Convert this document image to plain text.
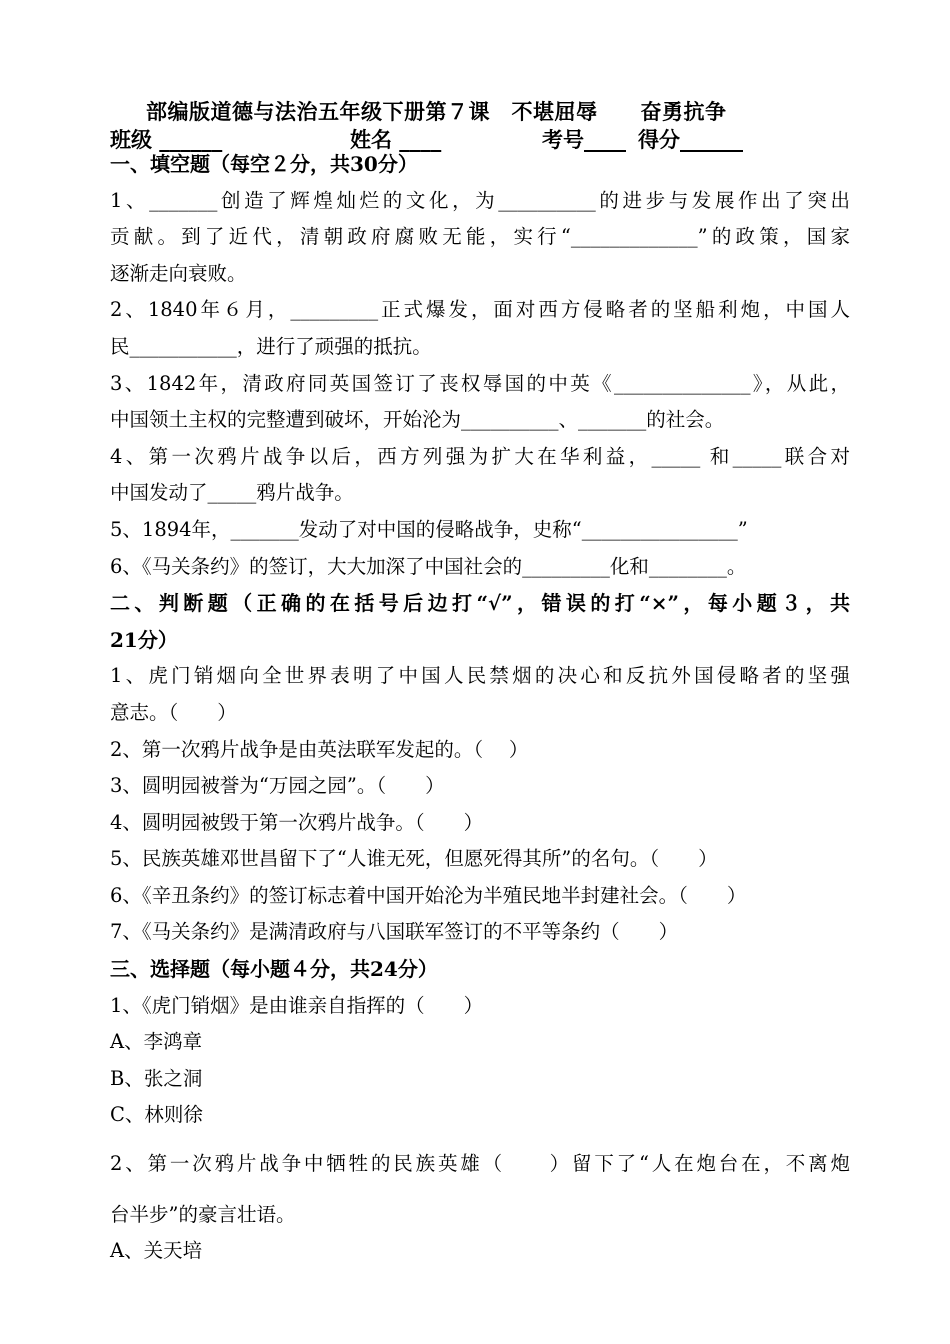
部编版道德与法治五年级下册第７课　不堪屈辱　　奋勇抗争
班级 ______	姓名 ____	考号____ 得分______
一、填空题（每空２分，共30分）
1、_______创造了辉煌灿烂的文化，为__________的进步与发展作出了突出
贡献。到了近代，清朝政府腐败无能，实行“_____________”的政策，国家
逐渐走向衰败。
2、1840年６月，_________正式爆发，面对西方侵略者的坚船利炮，中国人
民___________，进行了顽强的抵抗。
3、1842年，清政府同英国签订了丧权辱国的中英《______________》，从此，
中国领土主权的完整遭到破坏，开始沦为__________、_______的社会。
4、第一次鸦片战争以后，西方列强为扩大在华利益，_____ 和_____联合对
中国发动了_____鸦片战争。
5、1894年，_______发动了对中国的侵略战争，史称“________________”
6、《马关条约》的签订，大大加深了中国社会的_________化和________。
二、判断题（正确的在括号后边打“√”，错误的打“×”，每小题３，共
21分）
1、虎门销烟向全世界表明了中国人民禁烟的决心和反抗外国侵略者的坚强
意志。（　　）
2、第一次鸦片战争是由英法联军发起的。（　 ）
3、圆明园被誉为“万园之园”。（　　）
4、圆明园被毁于第一次鸦片战争。（　　）
5、民族英雄邓世昌留下了“人谁无死，但愿死得其所”的名句。（　　）
6、《辛丑条约》的签订标志着中国开始沦为半殖民地半封建社会。（　　）
7、《马关条约》是满清政府与八国联军签订的不平等条约（　　）
三、选择题（每小题４分，共24分）
1、《虎门销烟》是由谁亲自指挥的（　　）
A、李鸿章
B、张之洞
C、林则徐
2、第一次鸦片战争中牺牲的民族英雄（　　）留下了“人在炮台在，不离炮
台半步”的豪言壮语。
A、关天培
